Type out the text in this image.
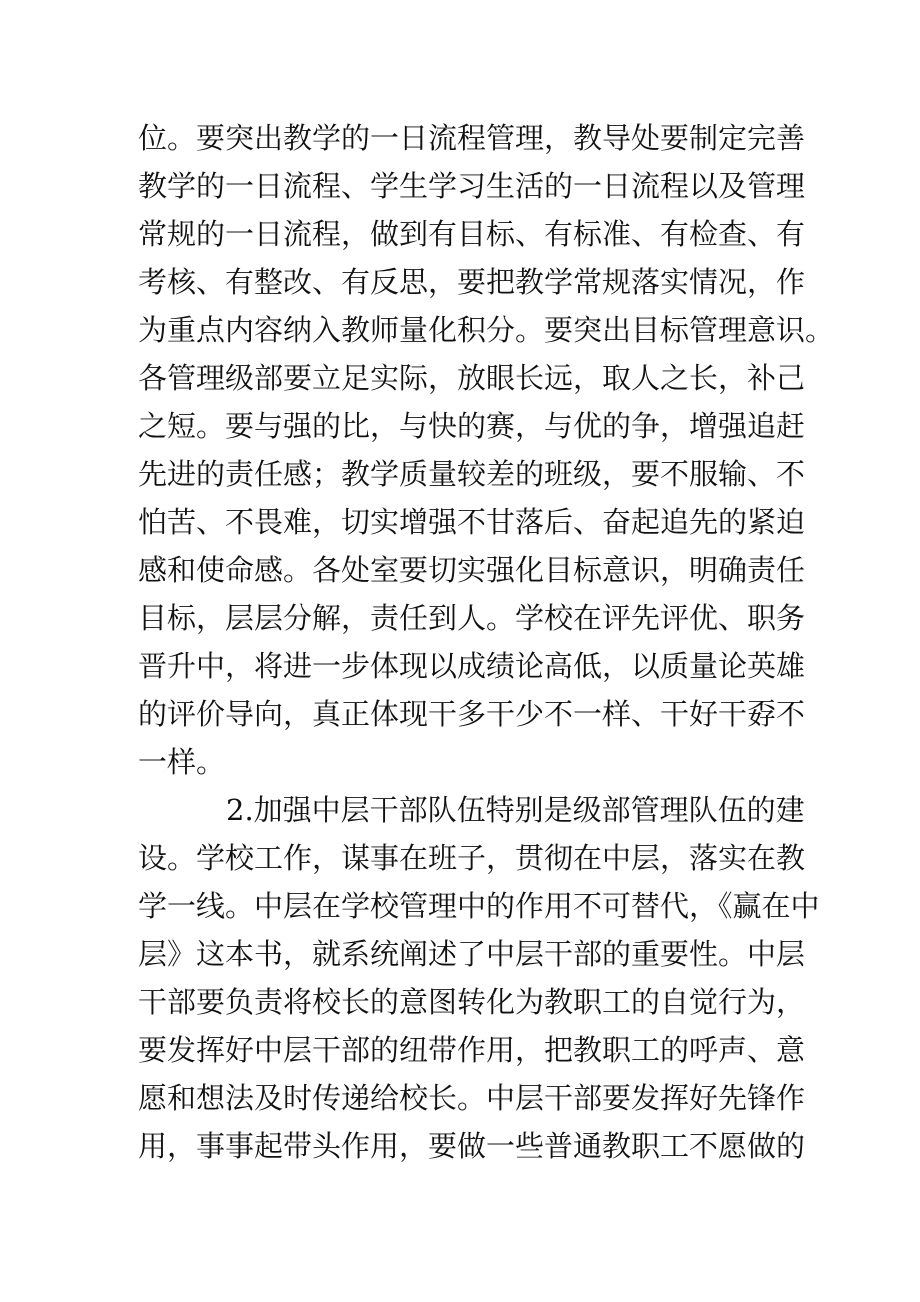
位。要突出教学的一日流程管理，教导处要制定完善
教学的一日流程、学生学习生活的一日流程以及管理
常规的一日流程，做到有目标、有标准、有检查、有
考核、有整改、有反思，要把教学常规落实情况，作
为重点内容纳入教师量化积分。要突出目标管理意识。
各管理级部要立足实际，放眼长远，取人之长，补己
之短。要与强的比，与快的赛，与优的争，增强追赶
先进的责任感；教学质量较差的班级，要不服输、不
怕苦、不畏难，切实增强不甘落后、奋起追先的紧迫
感和使命感。各处室要切实强化目标意识，明确责任
目标，层层分解，责任到人。学校在评先评优、职务
晋升中，将进一步体现以成绩论高低，以质量论英雄
的评价导向，真正体现干多干少不一样、干好干孬不
一样。
2.加强中层干部队伍特别是级部管理队伍的建
设。学校工作，谋事在班子，贯彻在中层，落实在教
学一线。中层在学校管理中的作用不可替代，《赢在中
层》这本书，就系统阐述了中层干部的重要性。中层
干部要负责将校长的意图转化为教职工的自觉行为，
要发挥好中层干部的纽带作用，把教职工的呼声、意
愿和想法及时传递给校长。中层干部要发挥好先锋作
用，事事起带头作用，要做一些普通教职工不愿做的
